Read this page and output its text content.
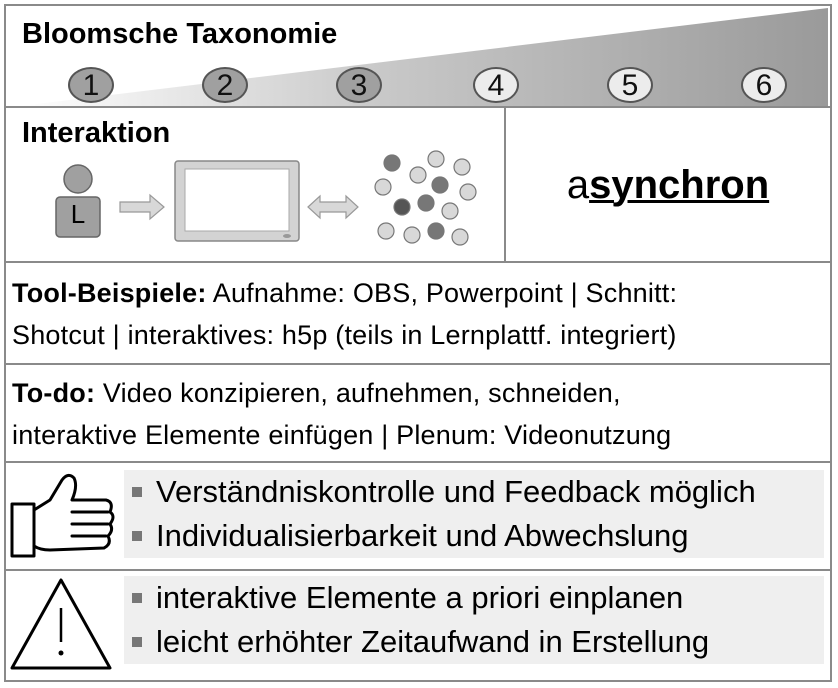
Bloomsche Taxonomie
1	2	3	4	5	6
Interaktion
L
a synchron
Tool-Beispiele: Aufnahme: OBS, Powerpoint | Schnitt:
Shotcut | interaktives: h5p (teils in Lernplattf. integriert)
To-do: Video konzipieren, aufnehmen, schneiden,
interaktive Elemente einfügen | Plenum: Videonutzung
Verständniskontrolle und Feedback möglich
Individualisierbarkeit und Abwechslung
interaktive Elemente a priori einplanen
leicht erhöhter Zeitaufwand in Erstellung
